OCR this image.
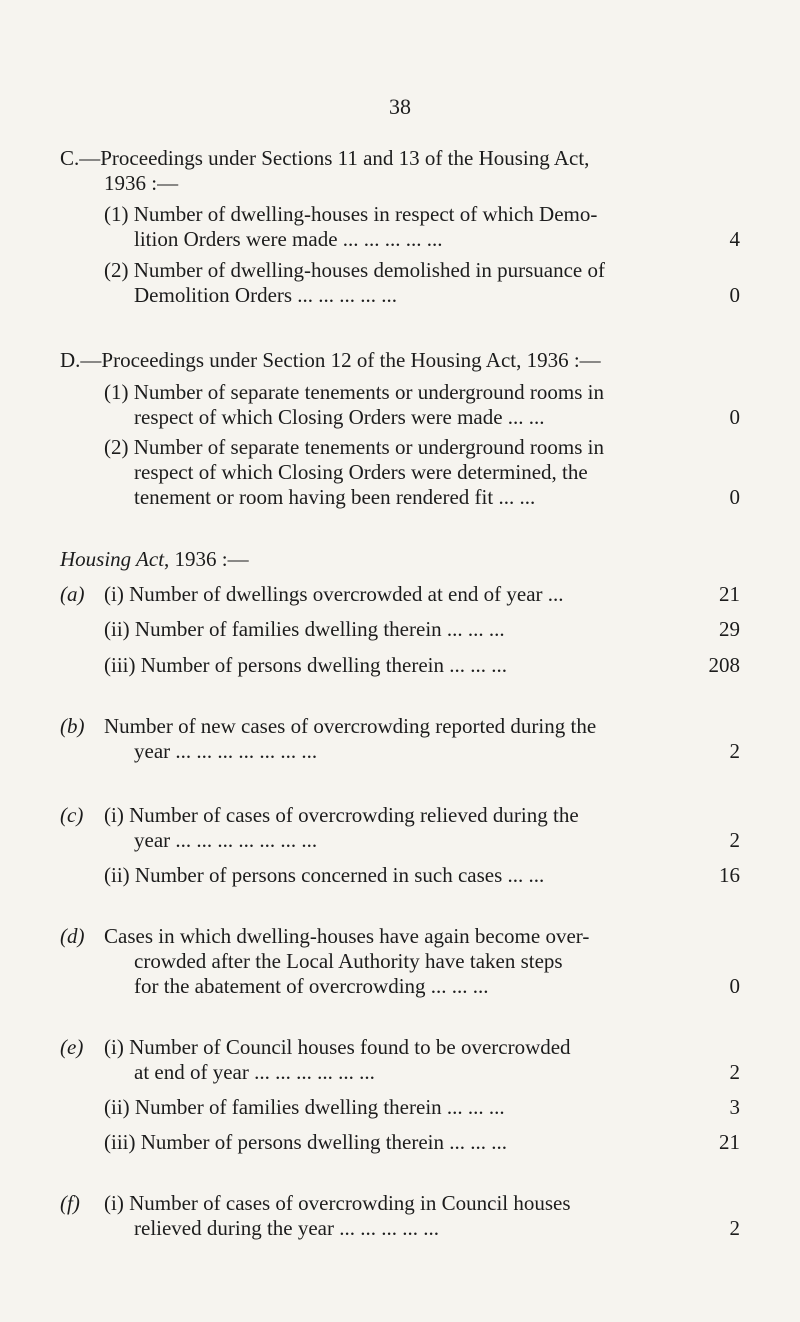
38
C.—Proceedings under Sections 11 and 13 of the Housing Act,
1936 :—
(1) Number of dwelling-houses in respect of which Demo-
lition Orders were made ... ... ... ... ...	4
(2) Number of dwelling-houses demolished in pursuance of
Demolition Orders ... ... ... ... ...	0
D.—Proceedings under Section 12 of the Housing Act, 1936 :—
(1) Number of separate tenements or underground rooms in
respect of which Closing Orders were made ... ...	0
(2) Number of separate tenements or underground rooms in
respect of which Closing Orders were determined, the
tenement or room having been rendered fit ... ...	0
Housing Act, 1936 :—
(a) (i) Number of dwellings overcrowded at end of year ...	21
(ii) Number of families dwelling therein ... ... ...	29
(iii) Number of persons dwelling therein ... ... ...	208
(b) Number of new cases of overcrowding reported during the
year ... ... ... ... ... ... ...	2
(c) (i) Number of cases of overcrowding relieved during the
year ... ... ... ... ... ... ...	2
(ii) Number of persons concerned in such cases ... ...	16
(d) Cases in which dwelling-houses have again become over-
crowded after the Local Authority have taken steps
for the abatement of overcrowding ... ... ...	0
(e) (i) Number of Council houses found to be overcrowded
at end of year ... ... ... ... ... ...	2
(ii) Number of families dwelling therein ... ... ...	3
(iii) Number of persons dwelling therein ... ... ...	21
(f) (i) Number of cases of overcrowding in Council houses
relieved during the year ... ... ... ... ...	2
